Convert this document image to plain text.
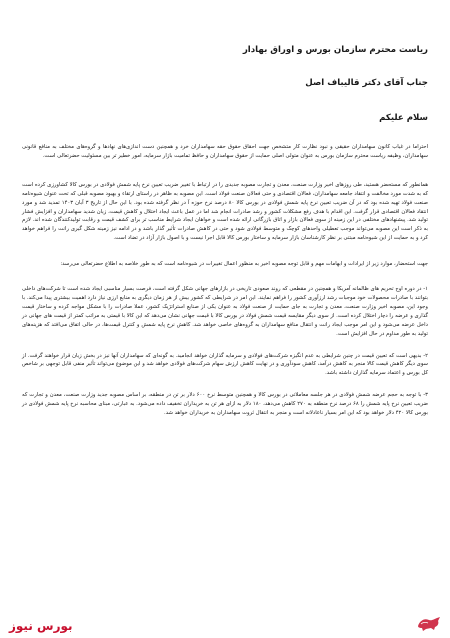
ریاست محترم سازمان بورس و اوراق بهادار

جناب آقای دکتر قالیباف اصل

سلام علیکم

احتراما در غیاب کانون سهامداران حقیقی و نبود نظارت کار متشخص جهت احقاق حقوق حقه سهامداران خرد و همچنین دست اندازی‌های نهادها و گروه‌های مختلف به منافع قانونی سهامداران، وظیفه ریاست محترم سازمان بورس به عنوان متولی اصلی حمایت از حقوق سهامداران و حافظ تمامیت بازار سرمایه، امور خطیر تر بین مسئولیت حضرتعالی است.

همانطور که مستحضر هستید، طی روزهای اخیر وزارت صنعت، معدن و تجارت مصوبه جدیدی را در ارتباط با تغییر ضریب تعیین نرخ پایه شمش فولادی در بورس کالا کشاورزی کرده است که به شدت مورد مخالفت و انتقاد جامعه سهامداران، فعالان اقتصادی و حتی فعالان صنعت فولاد است. این مصوبه به ظاهر در راستای ارتقاء و بهبود مصوبه قبلی که تحت عنوان شیوه‌نامه صنعت فولاد تهیه شده بود که در آن ضریب تعیین نرخ پایه شمش فولادی در بورس کالا ۸۰ درصد نرخ حوزه آ در نظر گرفته شده بود. با این حال از تاریخ ۳ آبان ۱۴۰۳ تمدید شد و مورد انتقاد فعالان اقتصادی قرار گرفت. این اقدام با هدف رفع مشکلات کشور و رشد صادرات انجام شد اما در عمل باعث ایجاد اختلال و کاهش قیمت، زیان شدید سهامداران و افزایش فشار تولید شد. پیشنهادهای مختلفی در این زمینه از سوی فعالان بازار و اتاق بازرگانی ارائه شده است و خواهان ایجاد شرایط مناسب تر برای کشف قیمت و رقابت تولیدکنندگان شده اند. لازم به ذکر است این مصوبه می‌تواند موجب تعطیلی واحدهای کوچک و متوسط فولادی شود و حتی در کاهش صادرات تأثیر گذار باشد و در ادامه نیز زمینه شکل گیری رانت را فراهم خواهد کرد و به حمایت از این شیوه‌نامه مبتنی بر نظر کارشناسان بازار سرمایه و ساختار بورس کالا قابل اجرا نیست و با اصول بازار آزاد در تضاد است.

جهت استحضار، موارد زیر از ایرادات و ابهامات مهم و قابل توجه مصوبه اخیر به منظور اعمال تغییرات در شیوه‌نامه است که به طور خلاصه به اطلاع حضرتعالی می‌رسد:

۱- در دوره اوج تحریم های ظالمانه آمریکا و همچنین در مقطعی که روند صعودی تاریخی در بازارهای جهانی شکل گرفته است، فرصت بسیار مناسبی ایجاد شده است تا شرکت‌های داخلی بتوانند با صادرات محصولات خود موجبات رشد ارزآوری کشور را فراهم نمایند. این امر در شرایطی که کشور بیش از هر زمان دیگری به منابع ارزی نیاز دارد اهمیت بیشتری پیدا می‌کند. با وجود این، مصوبه اخیر وزارت صنعت، معدن و تجارت به جای حمایت از صنعت فولاد به عنوان یکی از صنایع استراتژیک کشور، عملا صادرات را با مشکل مواجه کرده و ساختار قیمت گذاری و عرضه را دچار اختلال کرده است. از سوی دیگر مقایسه قیمت شمش فولاد در بورس کالا با قیمت جهانی نشان می‌دهد که این کالا با قیمتی به مراتب کمتر از قیمت های جهانی در داخل عرضه می‌شود و این امر موجب ایجاد رانت و انتقال منافع سهامداران به گروه‌های خاصی خواهد شد. کاهش نرخ پایه شمش و کنترل قیمت‌ها، در حالی اتفاق می‌افتد که هزینه‌های تولید به طور مداوم در حال افزایش است.

۲- بدیهی است که تعیین قیمت در چنین شرایطی به عدم انگیزه شرکت‌های فولادی و سرمایه گذاران خواهد انجامید. به گونه‌ای که سهامداران آنها نیز در بخش زیان قرار خواهند گرفت. از سوی دیگر کاهش قیمت کالا منجر به کاهش درآمد، کاهش سودآوری و در نهایت کاهش ارزش سهام شرکت‌های فولادی خواهد شد و این موضوع می‌تواند تأثیر منفی قابل توجهی بر شاخص کل بورس و اعتماد سرمایه گذاران داشته باشد.

۳- با توجه به حجم عرضه شمش فولادی در هر جلسه معاملاتی در بورس کالا و همچنین متوسط نرخ ۶۰۰ دلار بر تن در منطقه، بر اساس مصوبه جدید وزارت صنعت، معدن و تجارت که ضریب تعیین نرخ پایه شمش را ۶۸ درصد نرخ منطقه به ۲۷۰ کاهش می‌دهد، ۱۸۰ دلار به ازای هر تن به خریداران تخفیف داده می‌شود. به عبارتی، مبنای محاسبه نرخ پایه شمش فولادی در بورس کالا ۴۲۰ دلار خواهد بود که این امر بسیار ناعادلانه است و منجر به انتقال ثروت سهامداران به خریداران خواهد شد.

بورس نیوز
